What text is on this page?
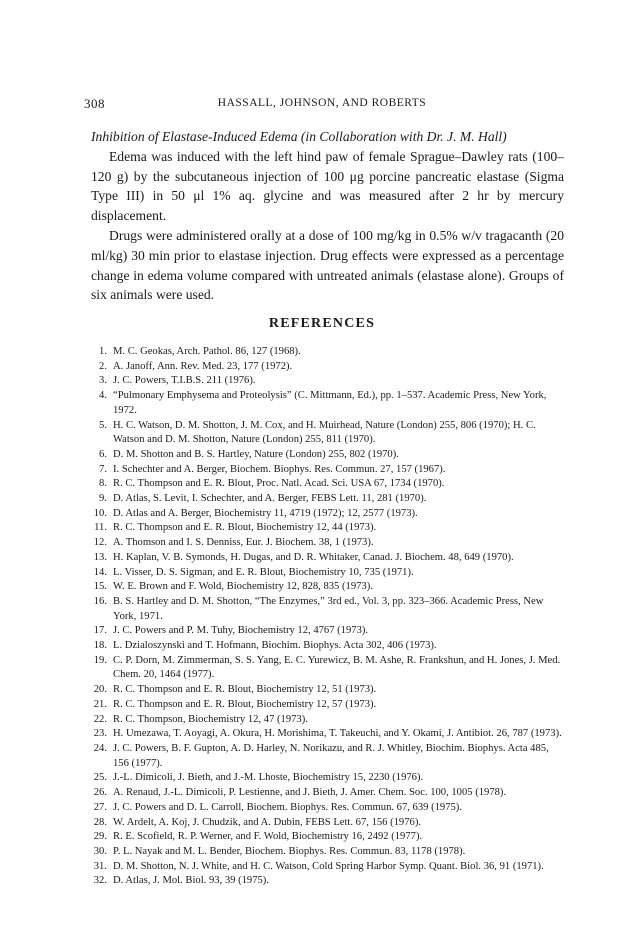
308	HASSALL, JOHNSON, AND ROBERTS

Inhibition of Elastase-Induced Edema (in Collaboration with Dr. J. M. Hall)

Edema was induced with the left hind paw of female Sprague–Dawley rats (100–120 g) by the subcutaneous injection of 100 μg porcine pancreatic elastase (Sigma Type III) in 50 μl 1% aq. glycine and was measured after 2 hr by mercury displacement.

Drugs were administered orally at a dose of 100 mg/kg in 0.5% w/v tragacanth (20 ml/kg) 30 min prior to elastase injection. Drug effects were expressed as a percentage change in edema volume compared with untreated animals (elastase alone). Groups of six animals were used.

REFERENCES
1. M. C. Geokas, Arch. Pathol. 86, 127 (1968).
2. A. Janoff, Ann. Rev. Med. 23, 177 (1972).
3. J. C. Powers, T.I.B.S. 211 (1976).
4. “Pulmonary Emphysema and Proteolysis” (C. Mittmann, Ed.), pp. 1–537. Academic Press, New York, 1972.
5. H. C. Watson, D. M. Shotton, J. M. Cox, and H. Muirhead, Nature (London) 255, 806 (1970); H. C. Watson and D. M. Shotton, Nature (London) 255, 811 (1970).
6. D. M. Shotton and B. S. Hartley, Nature (London) 255, 802 (1970).
7. I. Schechter and A. Berger, Biochem. Biophys. Res. Commun. 27, 157 (1967).
8. R. C. Thompson and E. R. Blout, Proc. Natl. Acad. Sci. USA 67, 1734 (1970).
9. D. Atlas, S. Levit, I. Schechter, and A. Berger, FEBS Lett. 11, 281 (1970).
10. D. Atlas and A. Berger, Biochemistry 11, 4719 (1972); 12, 2577 (1973).
11. R. C. Thompson and E. R. Blout, Biochemistry 12, 44 (1973).
12. A. Thomson and I. S. Denniss, Eur. J. Biochem. 38, 1 (1973).
13. H. Kaplan, V. B. Symonds, H. Dugas, and D. R. Whitaker, Canad. J. Biochem. 48, 649 (1970).
14. L. Visser, D. S. Sigman, and E. R. Blout, Biochemistry 10, 735 (1971).
15. W. E. Brown and F. Wold, Biochemistry 12, 828, 835 (1973).
16. B. S. Hartley and D. M. Shotton, “The Enzymes,” 3rd ed., Vol. 3, pp. 323–366. Academic Press, New York, 1971.
17. J. C. Powers and P. M. Tuhy, Biochemistry 12, 4767 (1973).
18. L. Dzialoszynski and T. Hofmann, Biochim. Biophys. Acta 302, 406 (1973).
19. C. P. Dorn, M. Zimmerman, S. S. Yang, E. C. Yurewicz, B. M. Ashe, R. Frankshun, and H. Jones, J. Med. Chem. 20, 1464 (1977).
20. R. C. Thompson and E. R. Blout, Biochemistry 12, 51 (1973).
21. R. C. Thompson and E. R. Blout, Biochemistry 12, 57 (1973).
22. R. C. Thompson, Biochemistry 12, 47 (1973).
23. H. Umezawa, T. Aoyagi, A. Okura, H. Morishima, T. Takeuchi, and Y. Okami, J. Antibiot. 26, 787 (1973).
24. J. C. Powers, B. F. Gupton, A. D. Harley, N. Norikazu, and R. J. Whitley, Biochim. Biophys. Acta 485, 156 (1977).
25. J.-L. Dimicoli, J. Bieth, and J.-M. Lhoste, Biochemistry 15, 2230 (1976).
26. A. Renaud, J.-L. Dimicoli, P. Lestienne, and J. Bieth, J. Amer. Chem. Soc. 100, 1005 (1978).
27. J. C. Powers and D. L. Carroll, Biochem. Biophys. Res. Commun. 67, 639 (1975).
28. W. Ardelt, A. Koj, J. Chudzik, and A. Dubin, FEBS Lett. 67, 156 (1976).
29. R. E. Scofield, R. P. Werner, and F. Wold, Biochemistry 16, 2492 (1977).
30. P. L. Nayak and M. L. Bender, Biochem. Biophys. Res. Commun. 83, 1178 (1978).
31. D. M. Shotton, N. J. White, and H. C. Watson, Cold Spring Harbor Symp. Quant. Biol. 36, 91 (1971).
32. D. Atlas, J. Mol. Biol. 93, 39 (1975).
